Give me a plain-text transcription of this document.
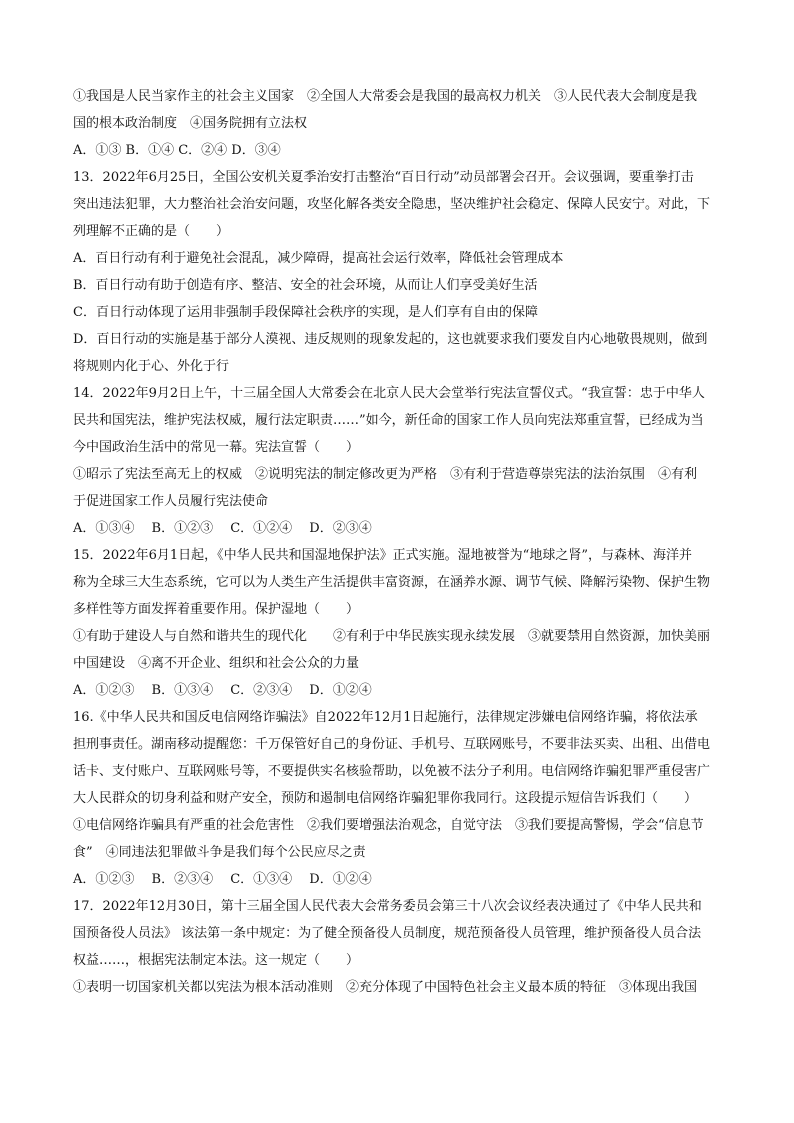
①我国是人民当家作主的社会主义国家　②全国人大常委会是我国的最高权力机关　③人民代表大会制度是我
国的根本政治制度　④国务院拥有立法权
A．①③ B．①④ C．②④ D．③④
13．2022年6月25日，全国公安机关夏季治安打击整治“百日行动”动员部署会召开。会议强调，要重拳打击
突出违法犯罪，大力整治社会治安问题，攻坚化解各类安全隐患，坚决维护社会稳定、保障人民安宁。对此，下
列理解不正确的是（　　）
A．百日行动有利于避免社会混乱，减少障碍，提高社会运行效率，降低社会管理成本
B．百日行动有助于创造有序、整洁、安全的社会环境，从而让人们享受美好生活
C．百日行动体现了运用非强制手段保障社会秩序的实现，是人们享有自由的保障
D．百日行动的实施是基于部分人漠视、违反规则的现象发起的，这也就要求我们要发自内心地敬畏规则，做到
将规则内化于心、外化于行
14．2022年9月2日上午，十三届全国人大常委会在北京人民大会堂举行宪法宣誓仪式。“我宣誓：忠于中华人
民共和国宪法，维护宪法权威，履行法定职责……”如今，新任命的国家工作人员向宪法郑重宣誓，已经成为当
今中国政治生活中的常见一幕。宪法宣誓（　　）
①昭示了宪法至高无上的权威　②说明宪法的制定修改更为严格　③有利于营造尊崇宪法的法治氛围　④有利
于促进国家工作人员履行宪法使命
A．①③④　 B．①②③　 C．①②④　 D．②③④
15．2022年6月1日起，《中华人民共和国湿地保护法》正式实施。湿地被誉为“地球之肾”，与森林、海洋并
称为全球三大生态系统，它可以为人类生产生活提供丰富资源，在涵养水源、调节气候、降解污染物、保护生物
多样性等方面发挥着重要作用。保护湿地（　　）
①有助于建设人与自然和谐共生的现代化　　②有利于中华民族实现永续发展　③就要禁用自然资源，加快美丽
中国建设　④离不开企业、组织和社会公众的力量
A．①②③　 B．①③④　 C．②③④　 D．①②④
16.《中华人民共和国反电信网络诈骗法》自2022年12月1日起施行，法律规定涉嫌电信网络诈骗，将依法承
担刑事责任。湖南移动提醒您：千万保管好自己的身份证、手机号、互联网账号，不要非法买卖、出租、出借电
话卡、支付账户、互联网账号等，不要提供实名核验帮助，以免被不法分子利用。电信网络诈骗犯罪严重侵害广
大人民群众的切身利益和财产安全，预防和遏制电信网络诈骗犯罪你我同行。这段提示短信告诉我们（　　）
①电信网络诈骗具有严重的社会危害性　②我们要增强法治观念，自觉守法　③我们要提高警惕，学会“信息节
食”　④同违法犯罪做斗争是我们每个公民应尽之责
A．①②③　 B．②③④　 C．①③④　 D．①②④
17．2022年12月30日，第十三届全国人民代表大会常务委员会第三十八次会议经表决通过了《中华人民共和
国预备役人员法》 该法第一条中规定：为了健全预备役人员制度，规范预备役人员管理，维护预备役人员合法
权益……，根据宪法制定本法。这一规定（　　）
①表明一切国家机关都以宪法为根本活动准则　②充分体现了中国特色社会主义最本质的特征　③体现出我国
